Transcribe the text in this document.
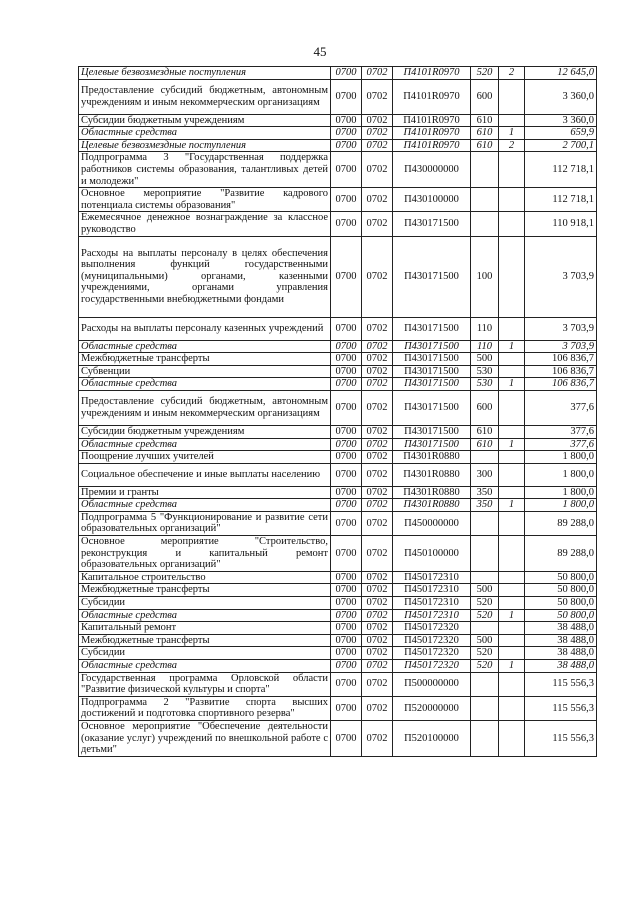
45
Целевые безвозмездные поступления	0700	0702	П4101R0970	520	2	12 645,0
Предоставление субсидий бюджетным, автономным учреждениям и иным некоммерческим организациям	0700	0702	П4101R0970	600		3 360,0
Субсидии бюджетным учреждениям	0700	0702	П4101R0970	610		3 360,0
Областные средства	0700	0702	П4101R0970	610	1	659,9
Целевые безвозмездные поступления	0700	0702	П4101R0970	610	2	2 700,1
Подпрограмма 3 "Государственная поддержка работников системы образования, талантливых детей и молодежи"	0700	0702	П430000000			112 718,1
Основное мероприятие "Развитие кадрового потенциала системы образования"	0700	0702	П430100000			112 718,1
Ежемесячное денежное вознаграждение за классное руководство	0700	0702	П430171500			110 918,1
Расходы на выплаты персоналу в целях обеспечения выполнения функций государственными (муниципальными) органами, казенными учреждениями, органами управления государственными внебюджетными фондами	0700	0702	П430171500	100		3 703,9
Расходы на выплаты персоналу казенных учреждений	0700	0702	П430171500	110		3 703,9
Областные средства	0700	0702	П430171500	110	1	3 703,9
Межбюджетные трансферты	0700	0702	П430171500	500		106 836,7
Субвенции	0700	0702	П430171500	530		106 836,7
Областные средства	0700	0702	П430171500	530	1	106 836,7
Предоставление субсидий бюджетным, автономным учреждениям и иным некоммерческим организациям	0700	0702	П430171500	600		377,6
Субсидии бюджетным учреждениям	0700	0702	П430171500	610		377,6
Областные средства	0700	0702	П430171500	610	1	377,6
Поощрение лучших учителей	0700	0702	П4301R0880			1 800,0
Социальное обеспечение и иные выплаты населению	0700	0702	П4301R0880	300		1 800,0
Премии и гранты	0700	0702	П4301R0880	350		1 800,0
Областные средства	0700	0702	П4301R0880	350	1	1 800,0
Подпрограмма 5 "Функционирование и развитие сети образовательных организаций"	0700	0702	П450000000			89 288,0
Основное мероприятие "Строительство, реконструкция и капитальный ремонт образовательных организаций"	0700	0702	П450100000			89 288,0
Капитальное строительство	0700	0702	П450172310			50 800,0
Межбюджетные трансферты	0700	0702	П450172310	500		50 800,0
Субсидии	0700	0702	П450172310	520		50 800,0
Областные средства	0700	0702	П450172310	520	1	50 800,0
Капитальный ремонт	0700	0702	П450172320			38 488,0
Межбюджетные трансферты	0700	0702	П450172320	500		38 488,0
Субсидии	0700	0702	П450172320	520		38 488,0
Областные средства	0700	0702	П450172320	520	1	38 488,0
Государственная программа Орловской области "Развитие физической культуры и спорта"	0700	0702	П500000000			115 556,3
Подпрограмма 2 "Развитие спорта высших достижений и подготовка спортивного резерва"	0700	0702	П520000000			115 556,3
Основное мероприятие "Обеспечение деятельности (оказание услуг) учреждений по внешкольной работе с детьми"	0700	0702	П520100000			115 556,3
